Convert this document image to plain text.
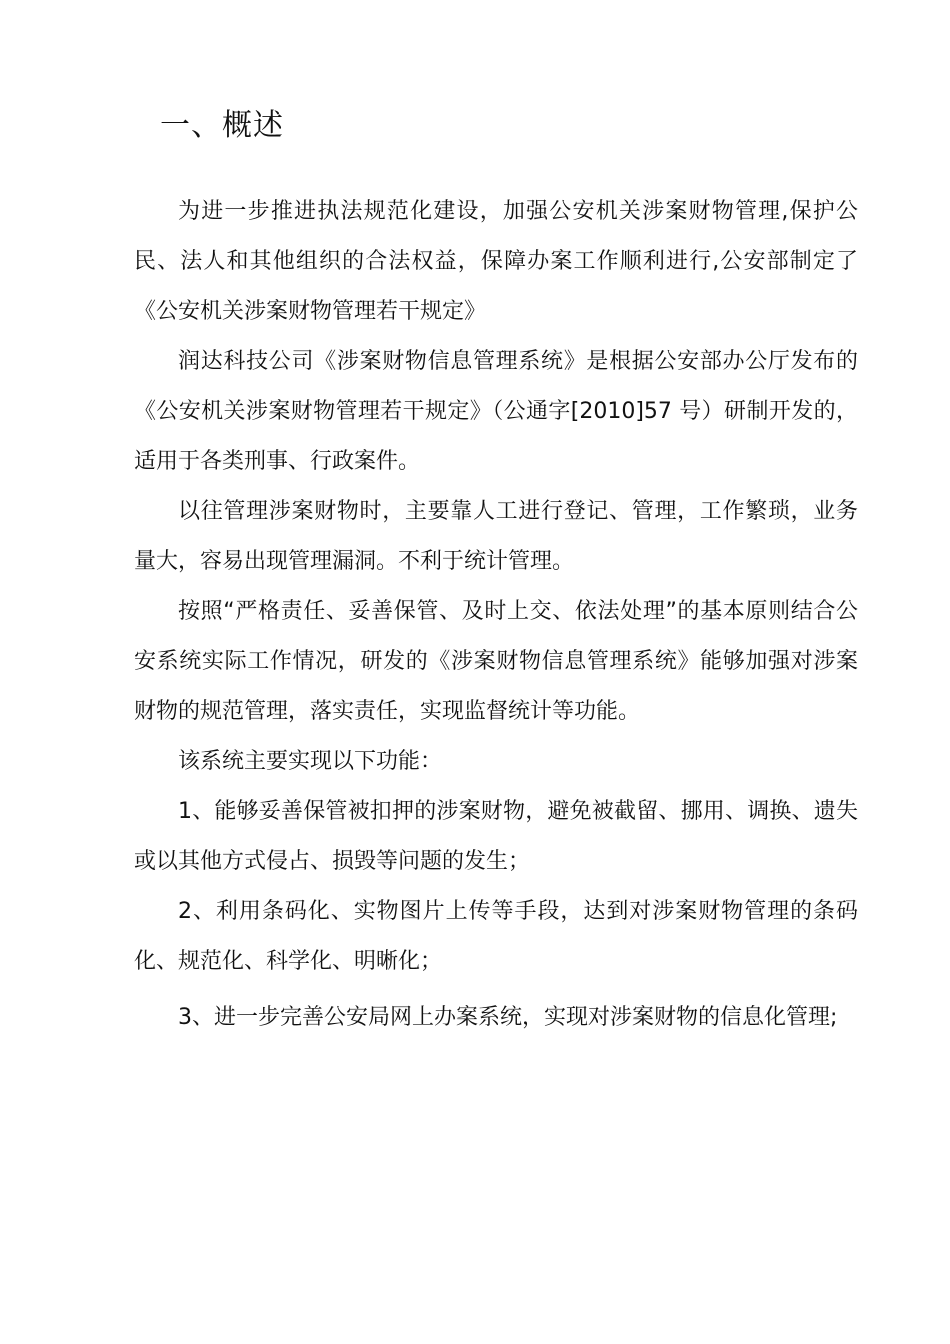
一、概述

为进一步推进执法规范化建设，加强公安机关涉案财物管理,保护公民、法人和其他组织的合法权益，保障办案工作顺利进行,公安部制定了《公安机关涉案财物管理若干规定》

润达科技公司《涉案财物信息管理系统》是根据公安部办公厅发布的《公安机关涉案财物管理若干规定》（公通字[2010]57 号）研制开发的，适用于各类刑事、行政案件。

以往管理涉案财物时，主要靠人工进行登记、管理，工作繁琐，业务量大，容易出现管理漏洞。不利于统计管理。

按照“严格责任、妥善保管、及时上交、依法处理”的基本原则结合公安系统实际工作情况，研发的《涉案财物信息管理系统》能够加强对涉案财物的规范管理，落实责任，实现监督统计等功能。

该系统主要实现以下功能：

1、能够妥善保管被扣押的涉案财物，避免被截留、挪用、调换、遗失或以其他方式侵占、损毁等问题的发生；

2、利用条码化、实物图片上传等手段，达到对涉案财物管理的条码化、规范化、科学化、明晰化；

3、进一步完善公安局网上办案系统，实现对涉案财物的信息化管理;
